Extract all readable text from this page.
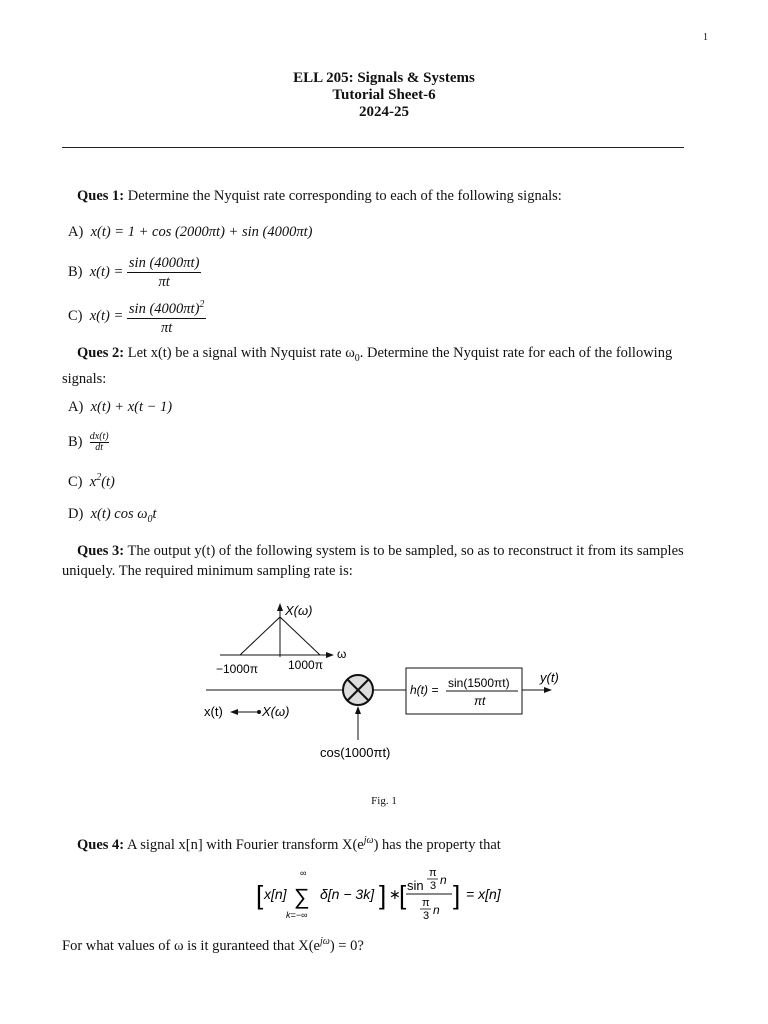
1
ELL 205: Signals & Systems
Tutorial Sheet-6
2024-25
Ques 1: Determine the Nyquist rate corresponding to each of the following signals:
A) x(t) = 1 + cos (2000πt) + sin (4000πt)
B) $x(t) = \frac{\sin (4000\pi t)}{\pi t}$
C) $x(t) = \frac{\sin (4000\pi t)^2}{\pi t}$
Ques 2: Let x(t) be a signal with Nyquist rate $\omega_0$. Determine the Nyquist rate for each of the following signals:
A) x(t) + x(t − 1)
$B) \frac{dx(t)}{dt}$
C) $x^2(t)$
D) x(t) $\cos \omega_0t$
Ques 3: The output y(t) of the following system is to be sampled, so as to reconstruct it from its samples uniquely. The required minimum sampling rate is:
X(ω)
ω
−1000π	1000π
h(t) = sin(1500πt)
πt
y(t)
x(t)	X(ω)
cos(1000πt)
Fig. 1
Ques 4: A signal x[n] with Fourier transform $X(e^{j\omega})$ has the property that
[ x[n]
∞
∑
k=−∞
δ[n − 3k] ] ∗
[ sin
π
3 n
π
3 n ] = x[n]
For what values of ω is it guranteed that $X(e^{j\omega}) = 0$?
